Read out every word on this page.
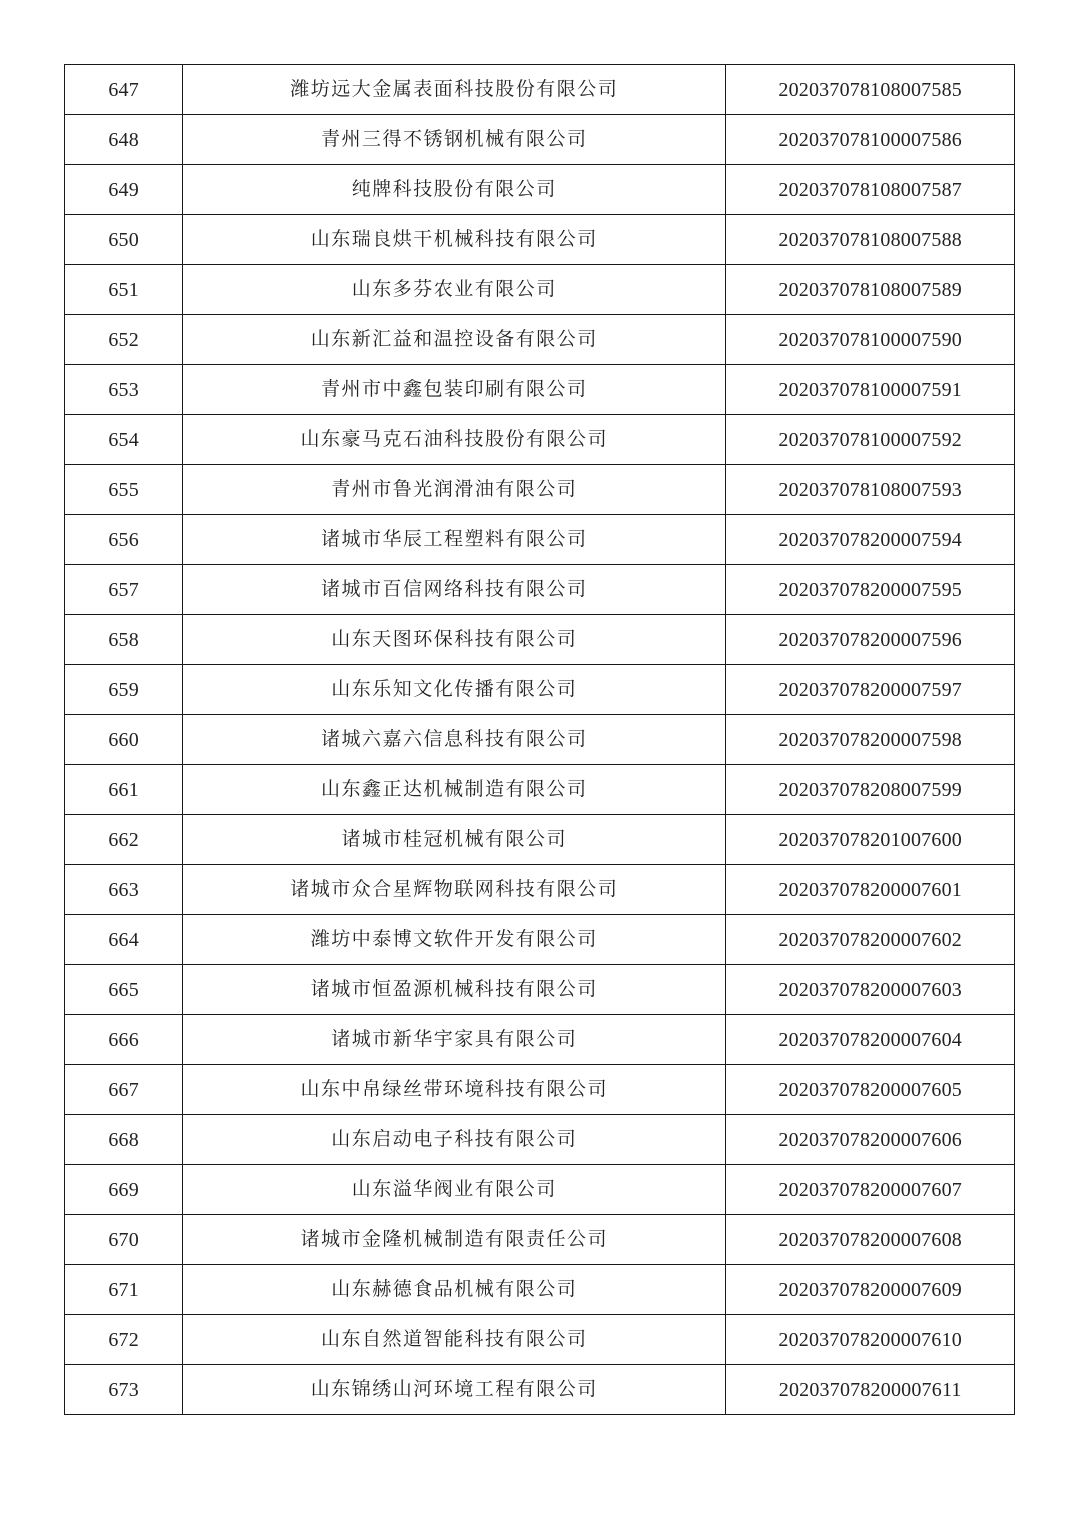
647	潍坊远大金属表面科技股份有限公司	202037078108007585
648	青州三得不锈钢机械有限公司	202037078100007586
649	纯牌科技股份有限公司	202037078108007587
650	山东瑞良烘干机械科技有限公司	202037078108007588
651	山东多芬农业有限公司	202037078108007589
652	山东新汇益和温控设备有限公司	202037078100007590
653	青州市中鑫包装印刷有限公司	202037078100007591
654	山东豪马克石油科技股份有限公司	202037078100007592
655	青州市鲁光润滑油有限公司	202037078108007593
656	诸城市华辰工程塑料有限公司	202037078200007594
657	诸城市百信网络科技有限公司	202037078200007595
658	山东天图环保科技有限公司	202037078200007596
659	山东乐知文化传播有限公司	202037078200007597
660	诸城六嘉六信息科技有限公司	202037078200007598
661	山东鑫正达机械制造有限公司	202037078208007599
662	诸城市桂冠机械有限公司	202037078201007600
663	诸城市众合星辉物联网科技有限公司	202037078200007601
664	潍坊中泰博文软件开发有限公司	202037078200007602
665	诸城市恒盈源机械科技有限公司	202037078200007603
666	诸城市新华宇家具有限公司	202037078200007604
667	山东中帛绿丝带环境科技有限公司	202037078200007605
668	山东启动电子科技有限公司	202037078200007606
669	山东溢华阀业有限公司	202037078200007607
670	诸城市金隆机械制造有限责任公司	202037078200007608
671	山东赫德食品机械有限公司	202037078200007609
672	山东自然道智能科技有限公司	202037078200007610
673	山东锦绣山河环境工程有限公司	202037078200007611
